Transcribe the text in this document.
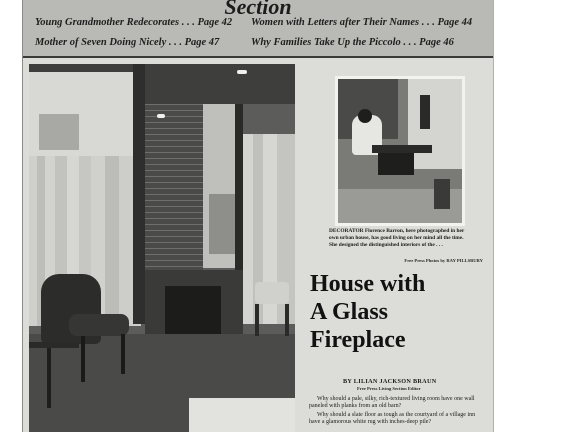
Section
Young Grandmother Redecorates . . . Page 42 Women with Letters after Their Names . . . Page 44
Mother of Seven Doing Nicely . . . Page 47	Why Families Take Up the Piccolo . . . Page 46
DECORATOR Florence Barron, here photographed in her own urban house, has good living on her mind all the time. She designed the distinguished interiors of the . . .
Free Press Photos by RAY PILLSBURY
House with
A Glass
Fireplace
BY LILIAN JACKSON BRAUN
Free Press Living Section Editor
Why should a pale, silky, rich-textured living room have one wall paneled with planks from an old barn?
Why should a slate floor as tough as the courtyard of a village inn have a glamorous white rug with inches-deep pile?
